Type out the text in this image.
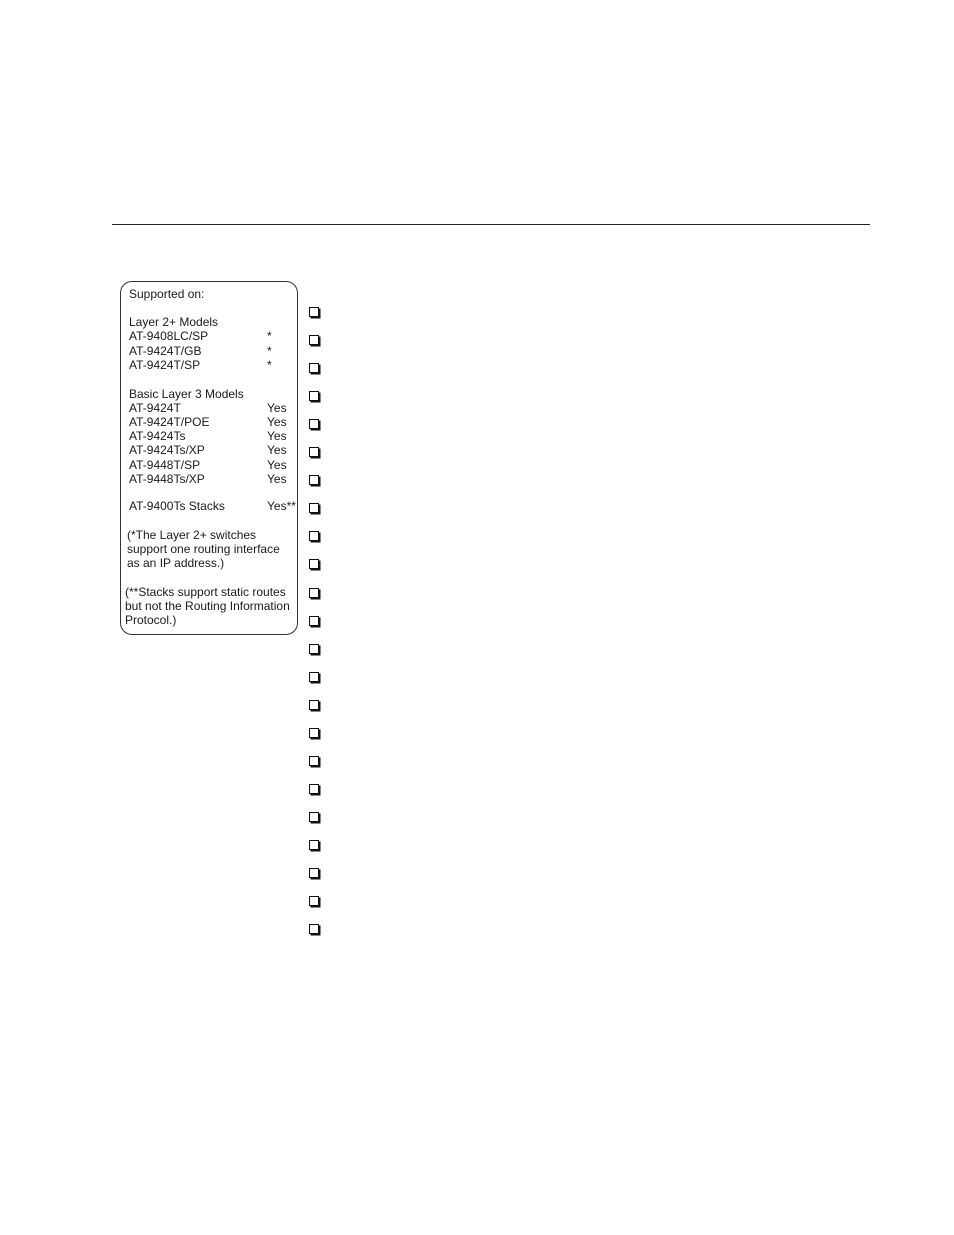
Supported on:
Layer 2+ Models
AT-9408LC/SP	*
AT-9424T/GB	*
AT-9424T/SP	*
Basic Layer 3 Models
AT-9424T	Yes
AT-9424T/POE	Yes
AT-9424Ts	Yes
AT-9424Ts/XP	Yes
AT-9448T/SP	Yes
AT-9448Ts/XP	Yes
AT-9400Ts Stacks	Yes**
(*The Layer 2+ switches
support one routing interface
as an IP address.)
(**Stacks support static routes
but not the Routing Information
Protocol.)
